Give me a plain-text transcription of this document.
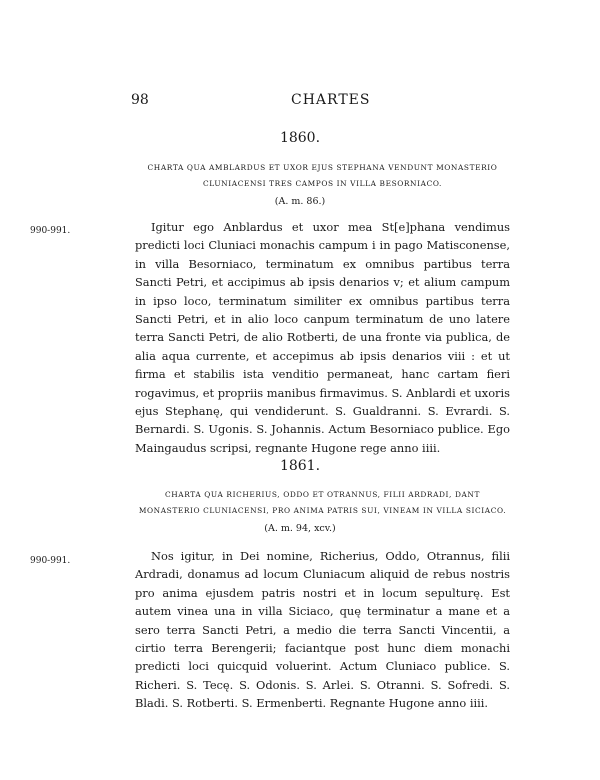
98	CHARTES
1860.
CHARTA QUA AMBLARDUS ET UXOR EJUS STEPHANA VENDUNT MONASTERIO CLUNIACENSI TRES CAMPOS IN VILLA BESORNIACO.
(A. m. 86.)
990-991.	Igitur ego Anblardus et uxor mea St[e]phana vendimus predicti loci Cluniaci monachis campum i in pago Matisconense, in villa Besorniaco, terminatum ex omnibus partibus terra Sancti Petri, et accipimus ab ipsis denarios v; et alium campum in ipso loco, terminatum similiter ex omnibus partibus terra Sancti Petri, et in alio loco canpum terminatum de uno latere terra Sancti Petri, de alio Rotberti, de una fronte via publica, de alia aqua currente, et accepimus ab ipsis denarios viii : et ut firma et stabilis ista venditio permaneat, hanc cartam fieri rogavimus, et propriis manibus firmavimus. S. Anblardi et uxoris ejus Stephanę, qui vendiderunt. S. Gualdranni. S. Evrardi. S. Bernardi. S. Ugonis. S. Johannis. Actum Besorniaco publice. Ego Maingaudus scripsi, regnante Hugone rege anno iiii.

1861.
CHARTA QUA RICHERIUS, ODDO ET OTRANNUS, FILII ARDRADI, DANT MONASTERIO CLUNIACENSI, PRO ANIMA PATRIS SUI, VINEAM IN VILLA SICIACO.
(A. m. 94, xcv.)
990-991.	Nos igitur, in Dei nomine, Richerius, Oddo, Otrannus, filii Ardradi, donamus ad locum Cluniacum aliquid de rebus nostris pro anima ejusdem patris nostri et in locum sepulturę. Est autem vinea una in villa Siciaco, quę terminatur a mane et a sero terra Sancti Petri, a medio die terra Sancti Vincentii, a cirtio terra Berengerii; faciantque post hunc diem monachi predicti loci quicquid voluerint. Actum Cluniaco publice. S. Richeri. S. Tecę. S. Odonis. S. Arlei. S. Otranni. S. Sofredi. S. Bladi. S. Rotberti. S. Ermenberti. Regnante Hugone anno iiii.
